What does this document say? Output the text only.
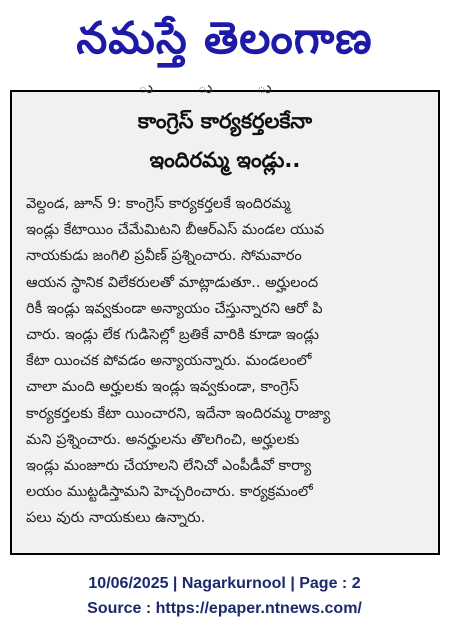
నమస్తే తెలంగాణ
ు ు ు
కాంగ్రెస్ కార్యకర్తలకేనా
ఇందిరమ్మ ఇండ్లు..
వెల్దండ, జూన్ 9: కాంగ్రెస్ కార్యకర్తలకే ఇందిరమ్మ
ఇండ్లు కేటాయిం చేమేమిటని బీఆర్ఎస్ మండల యువ
నాయకుడు జంగిలి ప్రవీణ్ ప్రశ్నించారు. సోమవారం
ఆయన స్థానిక విలేకరులతో మాట్లాడుతూ.. అర్హులంద
రికీ ఇండ్లు ఇవ్వకుండా అన్యాయం చేస్తున్నారని ఆరో పి
చారు. ఇండ్లు లేక గుడిసెల్లో బ్రతికే వారికి కూడా ఇండ్లు
కేటా యించక పోవడం అన్యాయన్నారు. మండలంలో
చాలా మంది అర్హులకు ఇండ్లు ఇవ్వకుండా, కాంగ్రెస్
కార్యకర్తలకు కేటా యించారని, ఇదేనా ఇందిరమ్మ రాజ్యా
మని ప్రశ్నించారు. అనర్హులను తొలగించి, అర్హులకు
ఇండ్లు మంజూరు చేయాలని లేనిచో ఎంపీడీవో కార్యా
లయం ముట్టడిస్తామని హెచ్చరించారు. కార్యక్రమంలో
పలు వురు నాయకులు ఉన్నారు.
10/06/2025 | Nagarkurnool | Page : 2
Source : https://epaper.ntnews.com/
